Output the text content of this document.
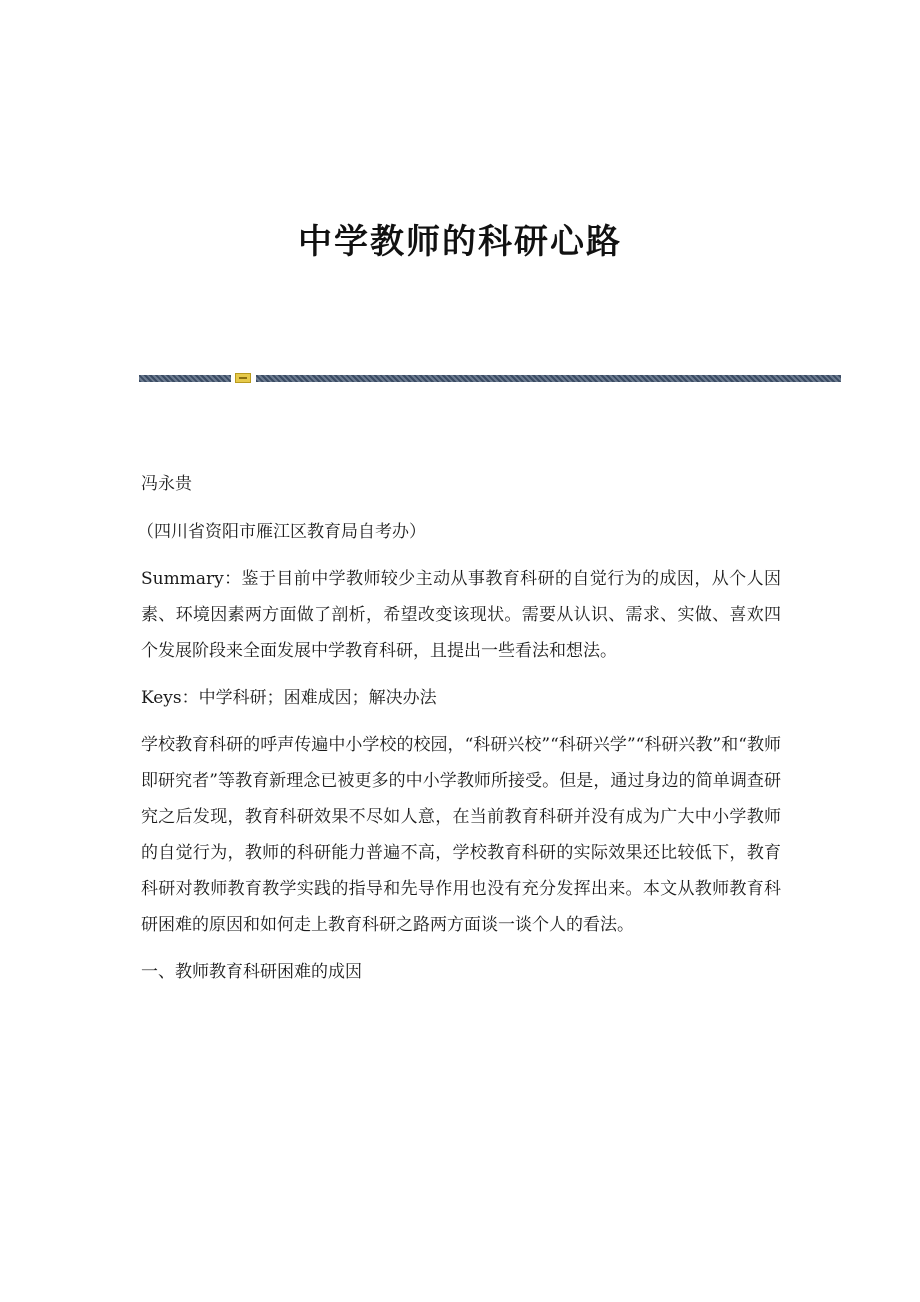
中学教师的科研心路

冯永贵

（四川省资阳市雁江区教育局自考办）

Summary：鉴于目前中学教师较少主动从事教育科研的自觉行为的成因，从个人因素、环境因素两方面做了剖析，希望改变该现状。需要从认识、需求、实做、喜欢四个发展阶段来全面发展中学教育科研，且提出一些看法和想法。

Keys：中学科研；困难成因；解决办法

学校教育科研的呼声传遍中小学校的校园，“科研兴校”“科研兴学”“科研兴教”和“教师即研究者”等教育新理念已被更多的中小学教师所接受。但是，通过身边的简单调查研究之后发现，教育科研效果不尽如人意，在当前教育科研并没有成为广大中小学教师的自觉行为，教师的科研能力普遍不高，学校教育科研的实际效果还比较低下，教育科研对教师教育教学实践的指导和先导作用也没有充分发挥出来。本文从教师教育科研困难的原因和如何走上教育科研之路两方面谈一谈个人的看法。

一、教师教育科研困难的成因
